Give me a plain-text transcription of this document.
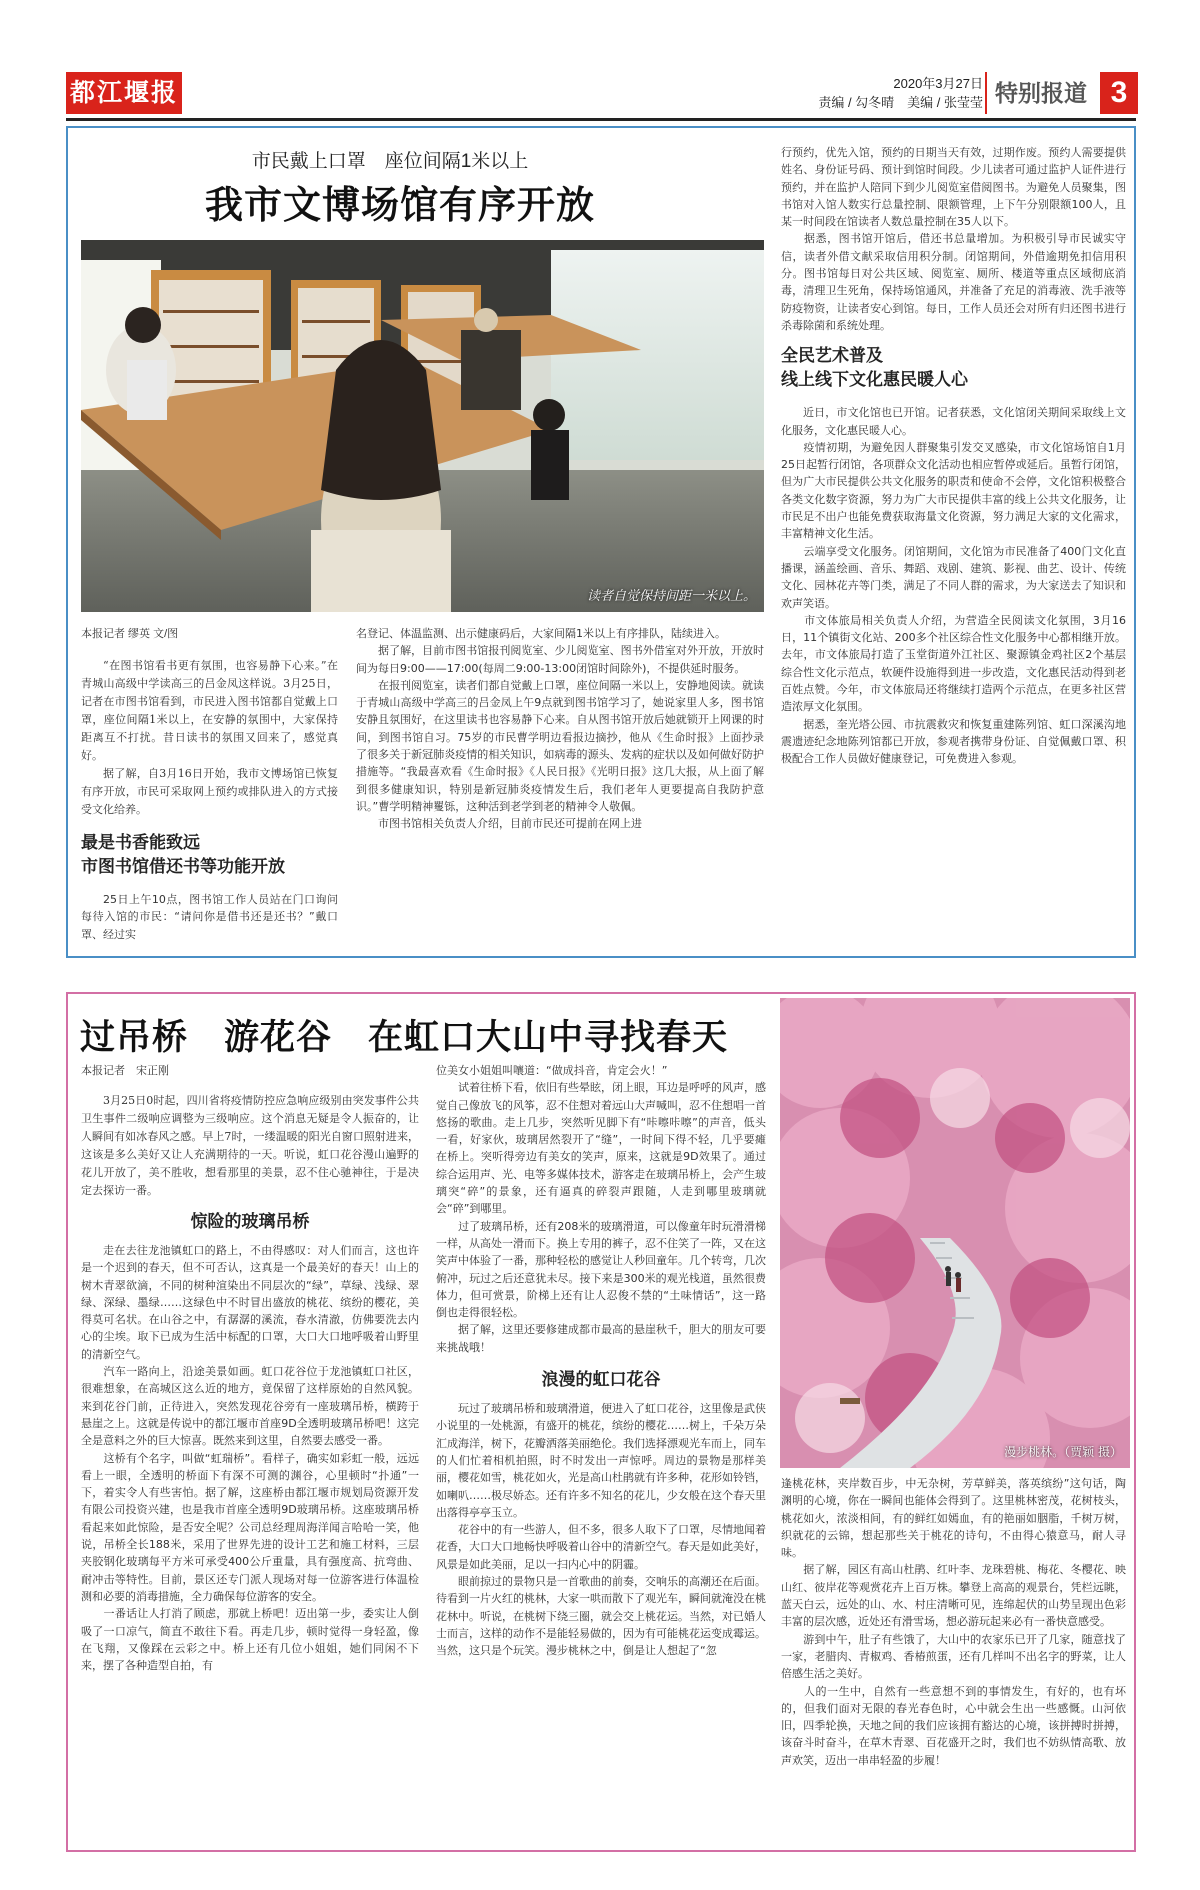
都江堰报	2020年3月27日
责编 / 勾冬晴　美编 / 张莹莹 特别报道 3
市民戴上口罩　座位间隔1米以上
我市文博场馆有序开放
读者自觉保持间距一米以上。
本报记者 缪英 文/图
“在图书馆看书更有氛围，也容易静下心来。”在青城山高级中学读高三的吕金凤这样说。3月25日，记者在市图书馆看到，市民进入图书馆都自觉戴上口罩，座位间隔1米以上，在安静的氛围中，大家保持距离互不打扰。昔日读书的氛围又回来了，感觉真好。
据了解，自3月16日开始，我市文博场馆已恢复有序开放，市民可采取网上预约或排队进入的方式接受文化给养。
最是书香能致远
市图书馆借还书等功能开放
25日上午10点，图书馆工作人员站在门口询问每待入馆的市民：“请问你是借书还是还书？”戴口罩、经过实
名登记、体温监测、出示健康码后，大家间隔1米以上有序排队，陆续进入。
　　据了解，目前市图书馆报刊阅览室、少儿阅览室、图书外借室对外开放，开放时间为每日9:00——17:00(每周二9:00-13:00闭馆时间除外)，不提供延时服务。
　　在报刊阅览室，读者们都自觉戴上口罩，座位间隔一米以上，安静地阅读。就读于青城山高级中学高三的吕金凤上午9点就到图书馆学习了，她说家里人多，图书馆安静且氛围好，在这里读书也容易静下心来。自从图书馆开放后她就锁开上网课的时间，到图书馆自习。75岁的市民曹学明边看报边摘抄，他从《生命时报》上面抄录了很多关于新冠肺炎疫情的相关知识，如病毒的源头、发病的症状以及如何做好防护措施等。“我最喜欢看《生命时报》《人民日报》《光明日报》这几大报，从上面了解到很多健康知识，特别是新冠肺炎疫情发生后，我们老年人更要提高自我防护意识。”曹学明精神矍铄，这种活到老学到老的精神令人敬佩。
　　市图书馆相关负责人介绍，目前市民还可提前在网上进
行预约，优先入馆，预约的日期当天有效，过期作废。预约人需要提供姓名、身份证号码、预计到馆时间段。少儿读者可通过监护人证件进行预约，并在监护人陪同下到少儿阅览室借阅图书。为避免人员聚集，图书馆对入馆人数实行总量控制、限额管理，上下午分别限额100人，且某一时间段在馆读者人数总量控制在35人以下。
　　据悉，图书馆开馆后，借还书总量增加。为积极引导市民诚实守信，读者外借文献采取信用积分制。闭馆期间，外借逾期免扣信用积分。图书馆每日对公共区域、阅览室、厕所、楼道等重点区域彻底消毒，清理卫生死角，保持场馆通风，并准备了充足的消毒液、洗手液等防疫物资，让读者安心到馆。每日，工作人员还会对所有归还图书进行杀毒除菌和系统处理。
全民艺术普及
线上线下文化惠民暖人心
近日，市文化馆也已开馆。记者获悉，文化馆闭关期间采取线上文化服务，文化惠民暖人心。
　　疫情初期，为避免因人群聚集引发交叉感染，市文化馆场馆自1月25日起暂行闭馆，各项群众文化活动也相应暂停或延后。虽暂行闭馆，但为广大市民提供公共文化服务的职责和使命不会停，文化馆积极整合各类文化数字资源，努力为广大市民提供丰富的线上公共文化服务，让市民足不出户也能免费获取海量文化资源，努力满足大家的文化需求，丰富精神文化生活。
　　云端享受文化服务。闭馆期间，文化馆为市民准备了400门文化直播课，涵盖绘画、音乐、舞蹈、戏剧、建筑、影视、曲艺、设计、传统文化、园林花卉等门类，满足了不同人群的需求，为大家送去了知识和欢声笑语。
　　市文体旅局相关负责人介绍，为营造全民阅读文化氛围，3月16日，11个镇街文化站、200多个社区综合性文化服务中心都相继开放。去年，市文体旅局打造了玉堂街道外江社区、聚源镇金鸡社区2个基层综合性文化示范点，软硬件设施得到进一步改造，文化惠民活动得到老百姓点赞。今年，市文体旅局还将继续打造两个示范点，在更多社区营造浓厚文化氛围。
　　据悉，奎光塔公园、市抗震救灾和恢复重建陈列馆、虹口深溪沟地震遗迹纪念地陈列馆都已开放，参观者携带身份证、自觉佩戴口罩、积极配合工作人员做好健康登记，可免费进入参观。
过吊桥　游花谷　在虹口大山中寻找春天
漫步桃林。（贾颖 摄）
本报记者　宋正刚
3月25日0时起，四川省将疫情防控应急响应级别由突发事件公共卫生事件二级响应调整为三级响应。这个消息无疑是令人振奋的，让人瞬间有如冰春风之感。早上7时，一缕温暖的阳光自窗口照射进来，这该是多么美好又让人充满期待的一天。听说，虹口花谷漫山遍野的花儿开放了，美不胜收，想看那里的美景，忍不住心驰神往，于是决定去探访一番。
惊险的玻璃吊桥
走在去往龙池镇虹口的路上，不由得感叹：对人们而言，这也许是一个迟到的春天，但不可否认，这真是一个最美好的春天！山上的树木青翠欲滴，不同的树种渲染出不同层次的“绿”，草绿、浅绿、翠绿、深绿、墨绿……这绿色中不时冒出盛放的桃花、缤纷的樱花，美得莫可名状。在山谷之中，有潺潺的溪流，春水清澈，仿佛要洗去内心的尘埃。取下已成为生活中标配的口罩，大口大口地呼吸着山野里的清新空气。
　　汽车一路向上，沿途美景如画。虹口花谷位于龙池镇虹口社区，很难想象，在高城区这么近的地方，竟保留了这样原始的自然风貌。来到花谷门前，正待进入，突然发现花谷旁有一座玻璃吊桥，横跨于悬崖之上。这就是传说中的都江堰市首座9D全透明玻璃吊桥吧！这完全是意料之外的巨大惊喜。既然来到这里，自然要去感受一番。
　　这桥有个名字，叫做“虹瑞桥”。看样子，确实如彩虹一般，远远看上一眼，全透明的桥面下有深不可测的渊谷，心里顿时“扑通”一下，着实令人有些害怕。据了解，这座桥由都江堰市规划局资源开发有限公司投资兴建，也是我市首座全透明9D玻璃吊桥。这座玻璃吊桥看起来如此惊险，是否安全呢？公司总经理周海洋闻言哈哈一笑，他说，吊桥全长188米，采用了世界先进的设计工艺和施工材料，三层夹胶钢化玻璃每平方米可承受400公斤重量，具有强度高、抗弯曲、耐冲击等特性。目前，景区还专门派人现场对每一位游客进行体温检测和必要的消毒措施，全力确保每位游客的安全。
　　一番话让人打消了顾虑，那就上桥吧！迈出第一步，委实让人倒吸了一口凉气，简直不敢往下看。再走几步，顿时觉得一身轻盈，像在飞翔，又像踩在云彩之中。桥上还有几位小姐姐，她们同闲不下来，摆了各种造型自拍，有
位美女小姐姐叫嚷道：“做成抖音，肯定会火！”
　　试着往桥下看，依旧有些晕眩，闭上眼，耳边是呼呼的风声，感觉自己像放飞的风筝，忍不住想对着远山大声喊叫，忍不住想唱一首悠扬的歌曲。走上几步，突然听见脚下有“咔嚓咔嚓”的声音，低头一看，好家伙，玻璃居然裂开了“缝”，一时间下得不轻，几乎要瘫在桥上。突听得旁边有美女的笑声，原来，这就是9D效果了。通过综合运用声、光、电等多媒体技术，游客走在玻璃吊桥上，会产生玻璃突“碎”的景象，还有逼真的碎裂声跟随，人走到哪里玻璃就会“碎”到哪里。
　　过了玻璃吊桥，还有208米的玻璃滑道，可以像童年时玩滑滑梯一样，从高处一滑而下。换上专用的裤子，忍不住笑了一阵，又在这笑声中体验了一番，那种轻松的感觉让人秒回童年。几个转弯，几次俯冲，玩过之后还意犹未尽。接下来是300米的观光栈道，虽然很费体力，但可赏景，阶梯上还有让人忍俊不禁的“土味情话”，这一路倒也走得很轻松。
　　据了解，这里还要修建成都市最高的悬崖秋千，胆大的朋友可要来挑战哦！
浪漫的虹口花谷
玩过了玻璃吊桥和玻璃滑道，便进入了虹口花谷，这里像是武侠小说里的一处桃源，有盛开的桃花，缤纷的樱花……树上，千朵万朵汇成海洋，树下，花瓣洒落美丽绝伦。我们选择漂观光车而上，同车的人们忙着相机拍照，时不时发出一声惊呼。周边的景物是那样美丽，樱花如雪，桃花如火，光是高山杜鹃就有许多种，花形如铃铛，如喇叭……极尽娇态。还有许多不知名的花儿，少女般在这个春天里出落得亭亭玉立。
　　花谷中的有一些游人，但不多，很多人取下了口罩，尽情地闻着花香，大口大口地畅快呼吸着山谷中的清新空气。春天是如此美好，风景是如此美丽，足以一扫内心中的阴霾。
　　眼前掠过的景物只是一首歌曲的前奏，交响乐的高潮还在后面。待看到一片火红的桃林，大家一哄而散下了观光车，瞬间就淹没在桃花林中。听说，在桃树下绕三圈，就会交上桃花运。当然，对已婚人士而言，这样的动作不是能轻易做的，因为有可能桃花运变成霉运。当然，这只是个玩笑。漫步桃林之中，倒是让人想起了“忽
逢桃花林，夹岸数百步，中无杂树，芳草鲜美，落英缤纷”这句话，陶渊明的心境，你在一瞬间也能体会得到了。这里桃林密茂，花树枝头，桃花如火，浓淡相间，有的鲜红如嫣血，有的艳丽如胭脂，千树万树，织就花的云锦，想起那些关于桃花的诗句，不由得心猿意马，耐人寻味。
　　据了解，园区有高山杜鹃、红叶李、龙珠碧桃、梅花、冬樱花、映山红、彼岸花等观赏花卉上百万株。攀登上高高的观景台，凭栏远眺，蓝天白云，远处的山、水、村庄清晰可见，连绵起伏的山势呈现出色彩丰富的层次感，近处还有滑雪场，想必游玩起来必有一番快意感受。
　　游到中午，肚子有些饿了，大山中的农家乐已开了几家，随意找了一家，老腊肉、青椒鸡、香椿煎蛋，还有几样叫不出名字的野菜，让人倍感生活之美好。
　　人的一生中，自然有一些意想不到的事情发生，有好的，也有坏的，但我们面对无限的春光春色时，心中就会生出一些感慨。山河依旧，四季轮换，天地之间的我们应该拥有豁达的心境，该拼搏时拼搏，该奋斗时奋斗，在草木青翠、百花盛开之时，我们也不妨纵情高歌、放声欢笑，迈出一串串轻盈的步履！
